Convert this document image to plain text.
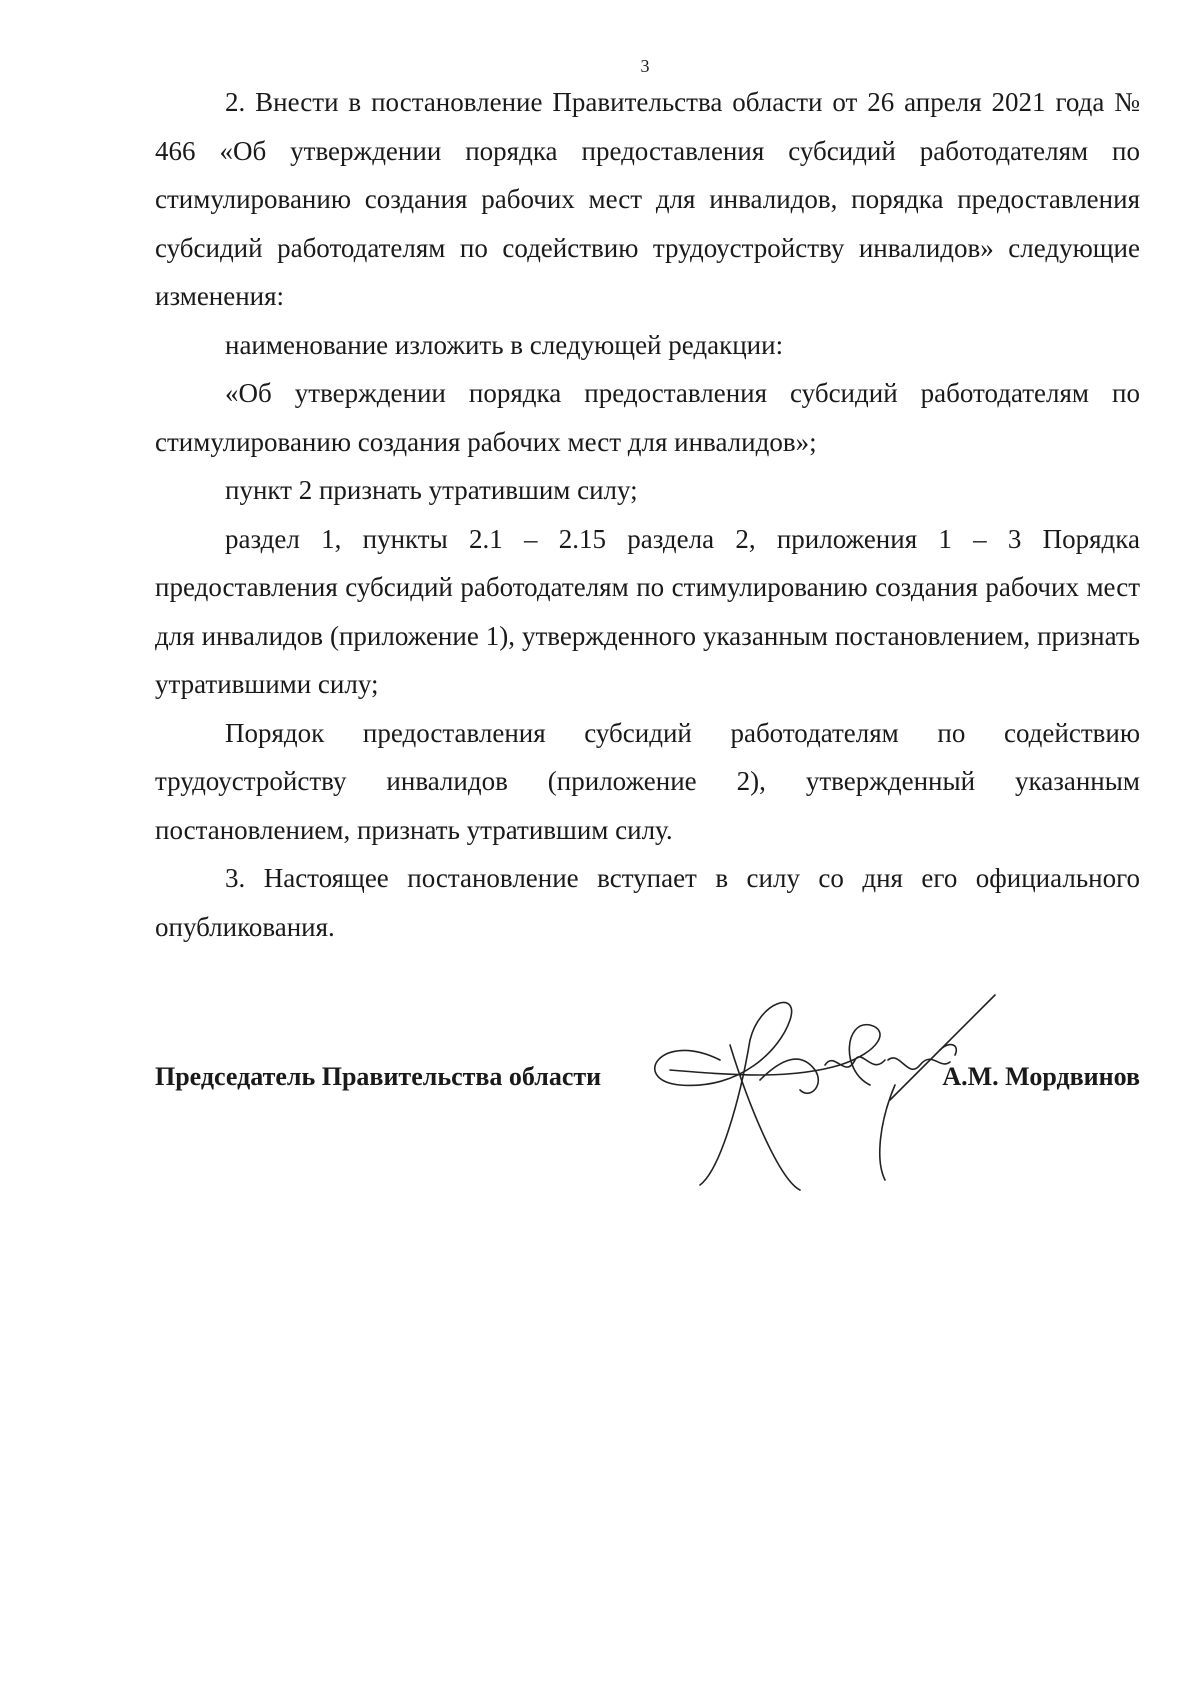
3

2. Внести в постановление Правительства области от 26 апреля 2021 года № 466 «Об утверждении порядка предоставления субсидий работодателям по стимулированию создания рабочих мест для инвалидов, порядка предоставления субсидий работодателям по содействию трудоустройству инвалидов» следующие изменения:

наименование изложить в следующей редакции:

«Об утверждении порядка предоставления субсидий работодателям по стимулированию создания рабочих мест для инвалидов»;

пункт 2 признать утратившим силу;

раздел 1, пункты 2.1 – 2.15 раздела 2, приложения 1 – 3 Порядка предоставления субсидий работодателям по стимулированию создания рабочих мест для инвалидов (приложение 1), утвержденного указанным постановлением, признать утратившими силу;

Порядок предоставления субсидий работодателям по содействию трудоустройству инвалидов (приложение 2), утвержденный указанным постановлением, признать утратившим силу.

3. Настоящее постановление вступает в силу со дня его официального опубликования.

Председатель Правительства области	А.М. Мордвинов
